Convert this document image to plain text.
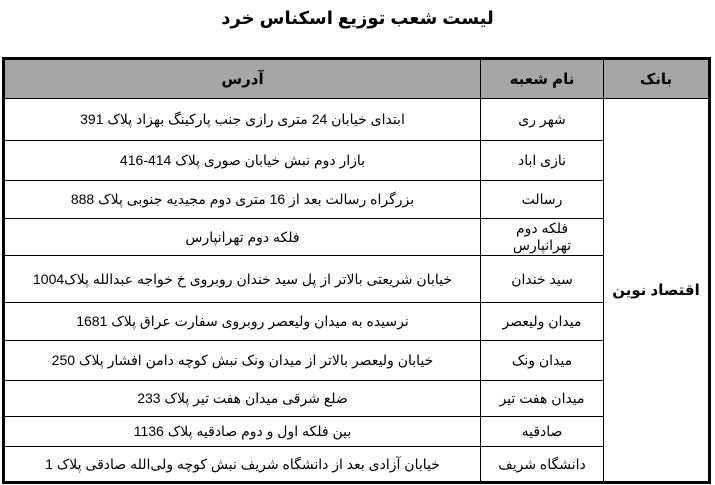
لیست شعب توزیع اسکناس خرد
بانک	نام شعبه	آدرس
اقتصاد نوین	شهر ری	ابتدای خیابان 24 متری رازی جنب پارکینگ بهزاد پلاک 391
	نازی اباد	بازار دوم نبش خیابان صوری پلاک 414-416
	رسالت	بزرگراه رسالت بعد از 16 متری دوم مجیدیه جنوبی پلاک 888
	فلکه دوم تهرانپارس	فلکه دوم تهرانپارس
	سید خندان	خیابان شریعتی بالاتر از پل سید خندان روبروی خ خواجه عبدالله پلاک1004
	میدان ولیعصر	نرسیده به میدان ولیعصر روبروی سفارت عراق پلاک 1681
	میدان ونک	خیابان ولیعصر بالاتر از میدان ونک نبش کوچه دامن افشار پلاک 250
	میدان هفت تیر	ضلع شرقی میدان هفت تیر پلاک 233
	صادقیه	بین فلکه اول و دوم صادقیه پلاک 1136
	دانشگاه شریف	خیابان آزادی بعد از دانشگاه شریف نبش کوچه ولی‌الله صادقی پلاک 1
